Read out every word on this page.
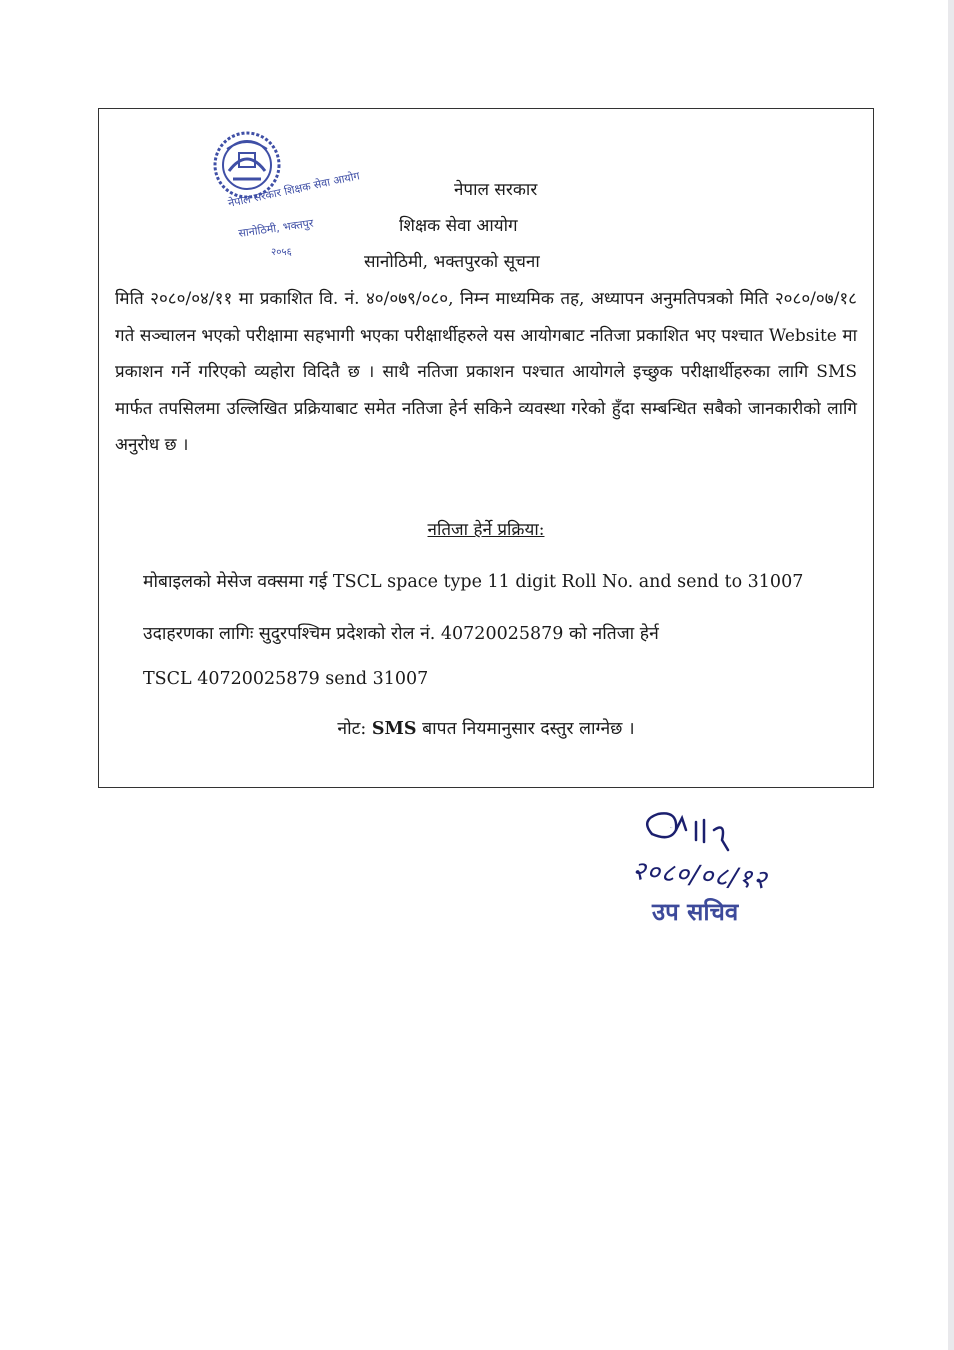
नेपाल सरकार शिक्षक सेवा आयोग
सानोठिमी, भक्तपुर
२०५६
नेपाल सरकार
शिक्षक सेवा आयोग
सानोठिमी, भक्तपुरको सूचना

मिति २०८०/०४/११ मा प्रकाशित वि. नं. ४०/०७९/०८०, निम्न माध्यमिक तह, अध्यापन अनुमतिपत्रको मिति २०८०/०७/१८ गते सञ्चालन भएको परीक्षामा सहभागी भएका परीक्षार्थीहरुले यस आयोगबाट नतिजा प्रकाशित भए पश्चात Website मा प्रकाशन गर्ने गरिएको व्यहोरा विदितै छ । साथै नतिजा प्रकाशन पश्चात आयोगले इच्छुक परीक्षार्थीहरुका लागि SMS मार्फत तपसिलमा उल्लिखित प्रक्रियाबाट समेत नतिजा हेर्न सकिने व्यवस्था गरेको हुँदा सम्बन्धित सबैको जानकारीको लागि अनुरोध छ ।

नतिजा हेर्ने प्रक्रिया:
मोबाइलको मेसेज वक्समा गई TSCL space type 11 digit Roll No. and send to 31007
उदाहरणका लागिः सुदुरपश्चिम प्रदेशको रोल नं. 40720025879 को नतिजा हेर्न
TSCL 40720025879 send 31007
नोट: SMS बापत नियमानुसार दस्तुर लाग्नेछ ।
आ/१५
२०८०/०८/१२
उप सचिव
